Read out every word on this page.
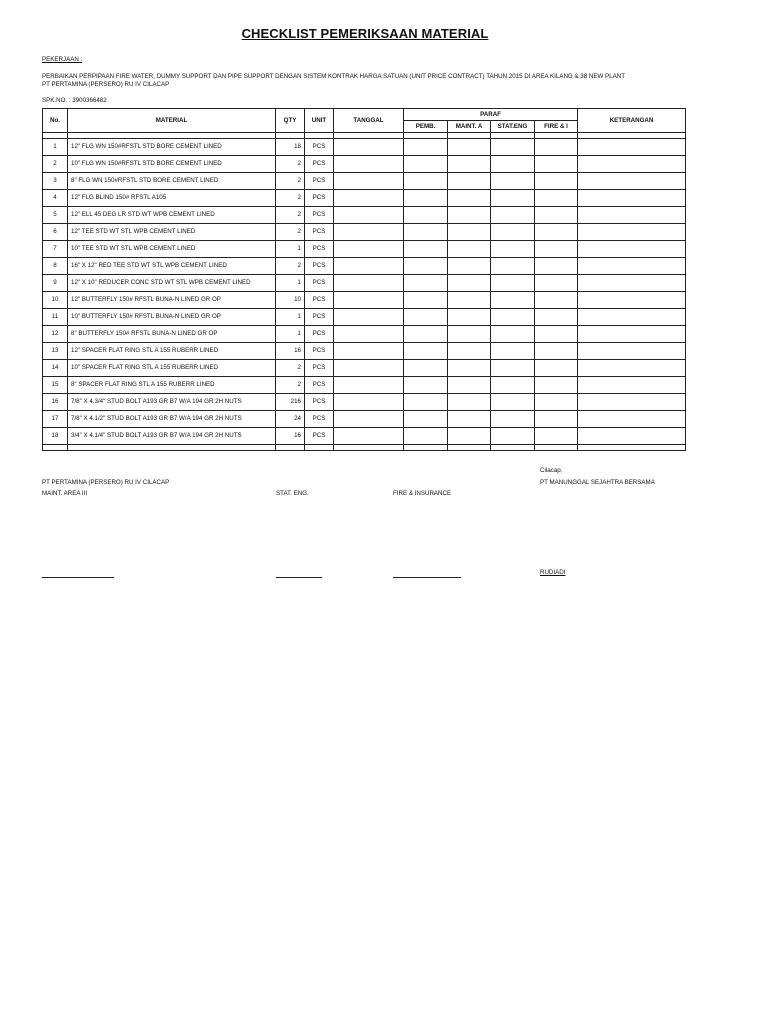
CHECKLIST PEMERIKSAAN MATERIAL
PEKERJAAN :
PERBAIKAN PERPIPAAN FIRE WATER, DUMMY SUPPORT DAN PIPE SUPPORT DENGAN SISTEM KONTRAK HARGA SATUAN (UNIT PRICE CONTRACT) TAHUN 2015 DI AREA KILANG & 38 NEW PLANT
PT PERTAMINA (PERSERO) RU IV CILACAP
SPK.NO. : 3900366482
No.	MATERIAL	QTY	UNIT	TANGGAL	PARAF				KETERANGAN
					PEMB.	MAINT. A	STAT.ENG	FIRE & I	

1	12" FLG WN 150#RFSTL STD BORE CEMENT LINED	18	PCS						
2	10" FLG WN 150#RFSTL STD BORE CEMENT LINED	2	PCS						
3	8" FLG WN 150#RFSTL STD BORE CEMENT LINED	2	PCS						
4	12" FLG BLIND 150# RFSTL A105	2	PCS						
5	12" ELL 45 DEG LR STD WT WPB CEMENT LINED	2	PCS						
6	12" TEE STD WT STL WPB CEMENT LINED	2	PCS						
7	10" TEE STD WT STL WPB CEMENT LINED	1	PCS						
8	16" X 12" RED TEE STD WT STL WPB CEMENT LINED	2	PCS						
9	12" X 10" REDUCER CONC STD WT STL WPB CEMENT LINED	1	PCS						
10	12" BUTTERFLY 150# RFSTL BUNA-N LINED GR OP	10	PCS						
11	10" BUTTERFLY 150# RFSTL BUNA-N LINED GR OP	1	PCS						
12	8" BUTTERFLY 150# RFSTL BUNA-N LINED GR OP	1	PCS						
13	12" SPACER FLAT RING STL A 155 RUBERR LINED	16	PCS						
14	10" SPACER FLAT RING STL A 155 RUBERR LINED	2	PCS						
15	8" SPACER FLAT RING STL A 155 RUBERR LINED	2	PCS						
16	7/8" X 4.3/4" STUD BOLT A193 GR B7 W/A 194 GR 2H NUTS	216	PCS						
17	7/8" X 4.1/2" STUD BOLT A193 GR B7 W/A 194 GR 2H NUTS	24	PCS						
18	3/4" X 4.1/4" STUD BOLT A193 GR B7 W/A 194 GR 2H NUTS	16	PCS						

Cilacap,
PT PERTAMINA (PERSERO) RU IV CILACAP	PT MANUNGGAL SEJAHTRA BERSAMA
MAINT. AREA III	STAT. ENG.	FIRE & INSURANCE
RUDIADI
